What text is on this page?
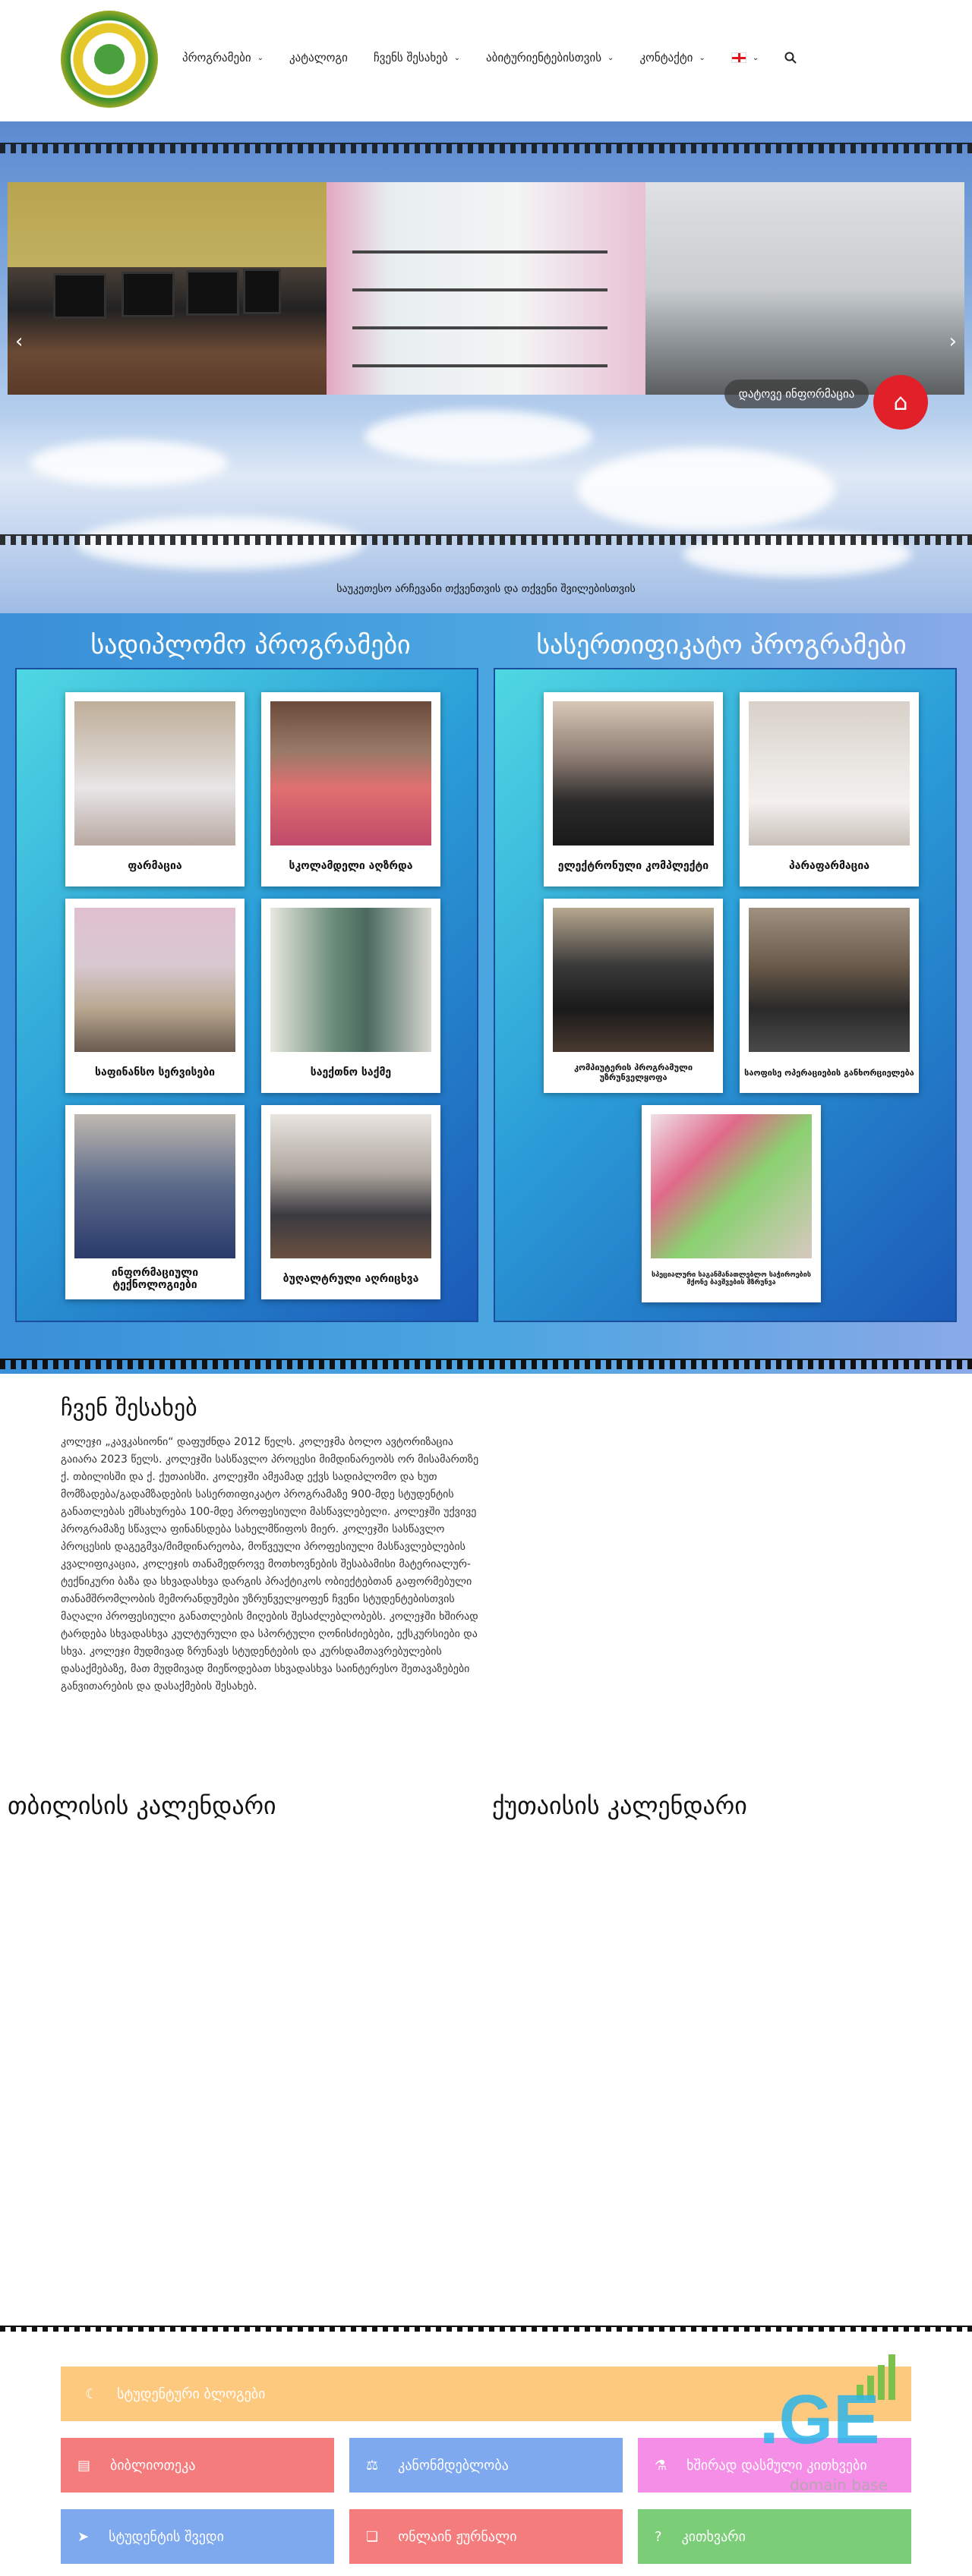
პროგრამები ⌄ კატალოგი ჩვენს შესახებ ⌄ აბიტურიენტებისთვის ⌄ კონტაქტი ⌄	⌄
‹	›
დატოვე ინფორმაცია	⌂
საუკეთესო არჩევანი თქვენთვის და თქვენი შვილებისთვის
სადიპლომო პროგრამები	სასერთიფიკატო პროგრამები
ფარმაცია	სკოლამდელი აღზრდა
საფინანსო სერვისები	საექთნო საქმე
ინფორმაციული ტექნოლოგიები	ბუღალტრული აღრიცხვა
ელექტრონული კომპლექტი	პარაფარმაცია
კომპიუტერის პროგრამული უზრუნველყოფა	საოფისე ოპერაციების განხორციელება
სპეციალური საგანმანათლებლო საჭიროების მქონე ბავშვების მზრუნვა
ჩვენ შესახებ

კოლეჯი „კავკასიონი“ დაფუძნდა 2012 წელს. კოლეჯმა ბოლო ავტორიზაცია გაიარა 2023 წელს. კოლეჯში სასწავლო პროცესი მიმდინარეობს ორ მისამართზე ქ. თბილისში და ქ. ქუთაისში. კოლეჯში ამჟამად ექვს სადიპლომო და ხუთ მომზადება/გადამზადების სასერთიფიკატო პროგრამაზე 900-მდე სტუდენტის განათლებას ემსახურება 100-მდე პროფესიული მასწავლებელი. კოლეჯში უქვივე პროგრამაზე სწავლა ფინანსდება სახელმწიფოს მიერ. კოლეჯში სასწავლო პროცესის დაგეგმვა/მიმდინარეობა, მოწვეული პროფესიული მასწავლებლების კვალიფიკაცია, კოლეჯის თანამედროვე მოთხოვნების შესაბამისი მატერიალურ-ტექნიკური ბაზა და სხვადასხვა დარგის პრაქტიკოს ობიექტებთან გაფორმებული თანამშრომლობის მემორანდუმები უზრუნველყოფენ ჩვენი სტუდენტებისთვის მაღალი პროფესიული განათლების მიღების შესაძლებლობებს. კოლეჯში ხშირად ტარდება სხვადასხვა კულტურული და სპორტული ღონისძიებები, ექსკურსიები და სხვა. კოლეჯი მუდმივად ზრუნავს სტუდენტების და კურსდამთავრებულების დასაქმებაზე, მათ მუდმივად მიეწოდებათ სხვადასხვა საინტერესო შეთავაზებები განვითარების და დასაქმების შესახებ.

თბილისის კალენდარი	ქუთაისის კალენდარი
☾ სტუდენტური ბლოგები
▤ ბიბლიოთეკა	⚖ კანონმდებლობა	⚗ ხშირად დასმული კითხვები
➤ სტუდენტის შვედი	❏ ონლაინ ჟურნალი	? კითხვარი
.GE
domain base
